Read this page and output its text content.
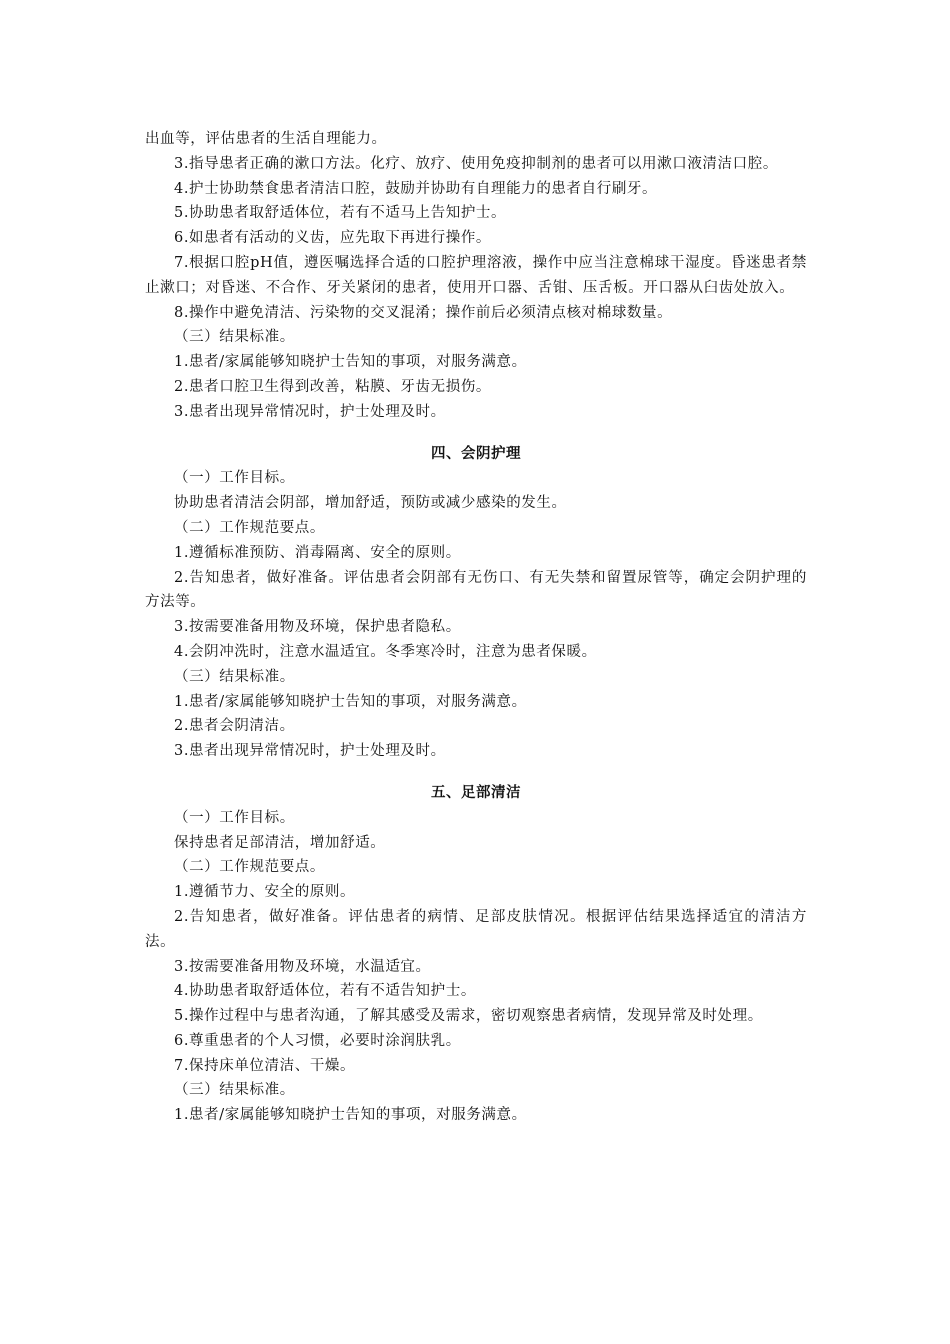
出血等，评估患者的生活自理能力。

3.指导患者正确的漱口方法。化疗、放疗、使用免疫抑制剂的患者可以用漱口液清洁口腔。

4.护士协助禁食患者清洁口腔，鼓励并协助有自理能力的患者自行刷牙。

5.协助患者取舒适体位，若有不适马上告知护士。

6.如患者有活动的义齿，应先取下再进行操作。

7.根据口腔pH值，遵医嘱选择合适的口腔护理溶液，操作中应当注意棉球干湿度。昏迷患者禁止漱口；对昏迷、不合作、牙关紧闭的患者，使用开口器、舌钳、压舌板。开口器从臼齿处放入。

8.操作中避免清洁、污染物的交叉混淆；操作前后必须清点核对棉球数量。

（三）结果标准。

1.患者/家属能够知晓护士告知的事项，对服务满意。

2.患者口腔卫生得到改善，粘膜、牙齿无损伤。

3.患者出现异常情况时，护士处理及时。

四、会阴护理

（一）工作目标。

协助患者清洁会阴部，增加舒适，预防或减少感染的发生。

（二）工作规范要点。

1.遵循标准预防、消毒隔离、安全的原则。

2.告知患者，做好准备。评估患者会阴部有无伤口、有无失禁和留置尿管等，确定会阴护理的方法等。

3.按需要准备用物及环境，保护患者隐私。

4.会阴冲洗时，注意水温适宜。冬季寒冷时，注意为患者保暖。

（三）结果标准。

1.患者/家属能够知晓护士告知的事项，对服务满意。

2.患者会阴清洁。

3.患者出现异常情况时，护士处理及时。

五、足部清洁

（一）工作目标。

保持患者足部清洁，增加舒适。

（二）工作规范要点。

1.遵循节力、安全的原则。

2.告知患者，做好准备。评估患者的病情、足部皮肤情况。根据评估结果选择适宜的清洁方法。

3.按需要准备用物及环境，水温适宜。

4.协助患者取舒适体位，若有不适告知护士。

5.操作过程中与患者沟通，了解其感受及需求，密切观察患者病情，发现异常及时处理。

6.尊重患者的个人习惯，必要时涂润肤乳。

7.保持床单位清洁、干燥。

（三）结果标准。

1.患者/家属能够知晓护士告知的事项，对服务满意。
